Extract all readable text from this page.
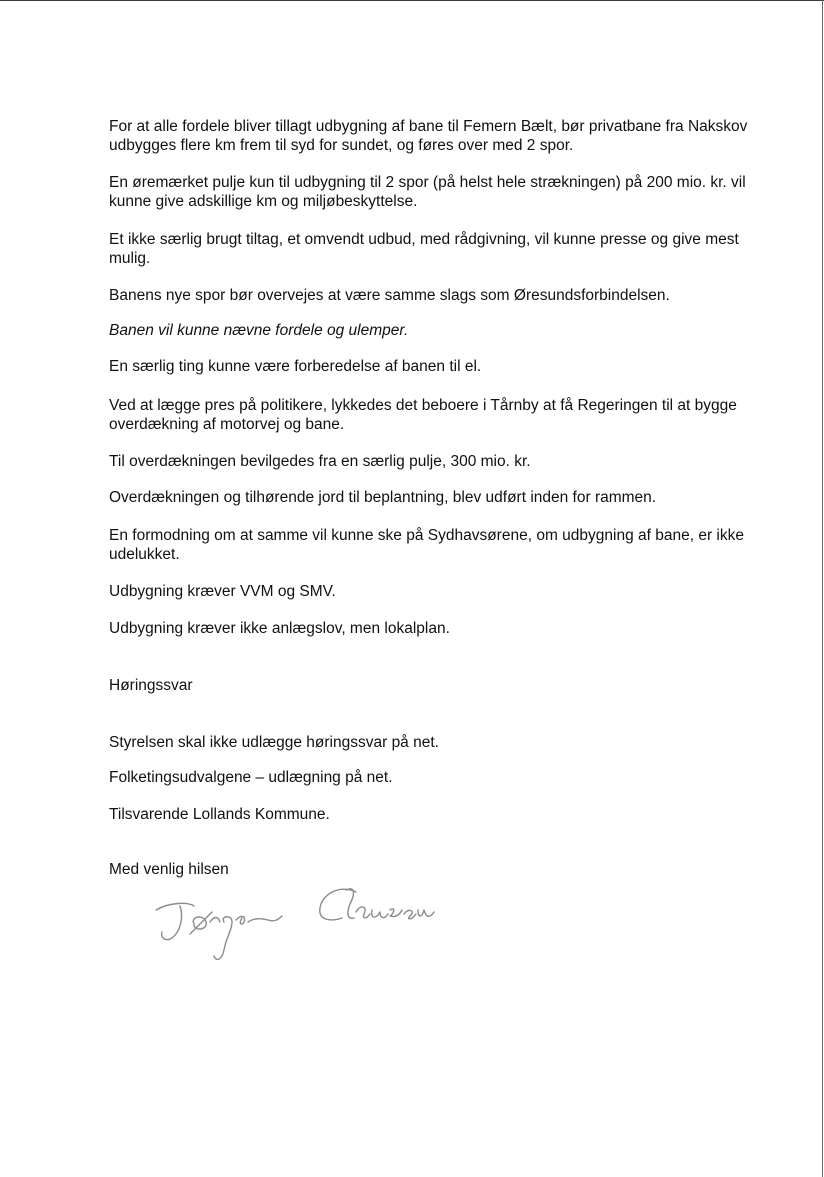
For at alle fordele bliver tillagt udbygning af bane til Femern Bælt, bør privatbane fra Nakskov udbygges flere km frem til syd for sundet, og føres over med 2 spor.

En øremærket pulje kun til udbygning til 2 spor (på helst hele strækningen) på 200 mio. kr. vil kunne give adskillige km og miljøbeskyttelse.

Et ikke særlig brugt tiltag, et omvendt udbud, med rådgivning, vil kunne presse og give mest mulig.

Banens nye spor bør overvejes at være samme slags som Øresundsforbindelsen.

Banen vil kunne nævne fordele og ulemper.

En særlig ting kunne være forberedelse af banen til el.

Ved at lægge pres på politikere, lykkedes det beboere i Tårnby at få Regeringen til at bygge overdækning af motorvej og bane.

Til overdækningen bevilgedes fra en særlig pulje, 300 mio. kr.

Overdækningen og tilhørende jord til beplantning, blev udført inden for rammen.

En formodning om at samme vil kunne ske på Sydhavsørene, om udbygning af bane, er ikke udelukket.

Udbygning kræver VVM og SMV.

Udbygning kræver ikke anlægslov, men lokalplan.

Høringssvar

Styrelsen skal ikke udlægge høringssvar på net.

Folketingsudvalgene – udlægning på net.

Tilsvarende Lollands Kommune.

Med venlig hilsen
